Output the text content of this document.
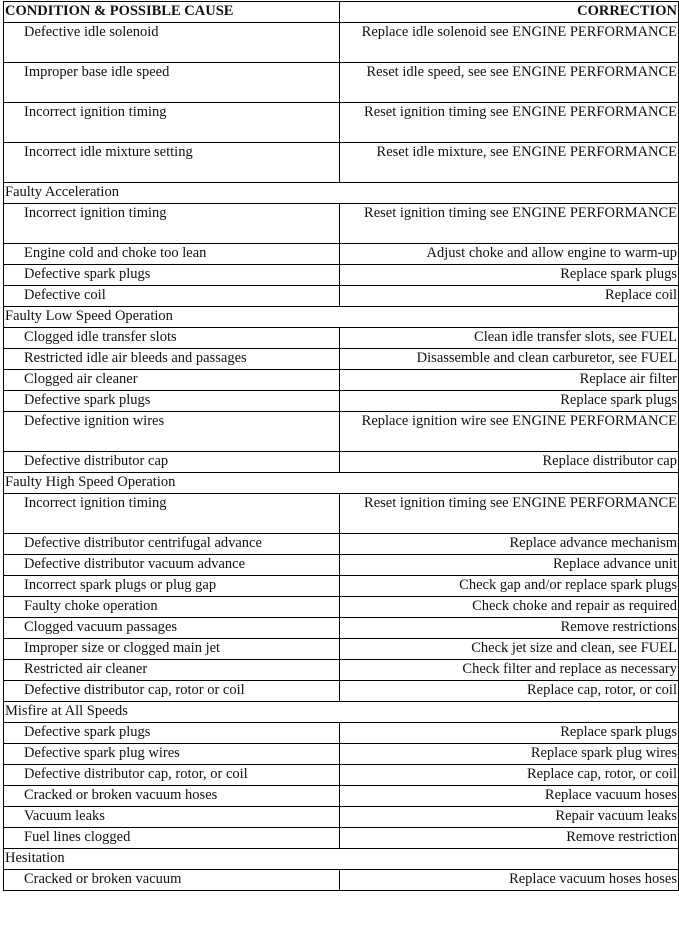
CONDITION & POSSIBLE CAUSE	CORRECTION
Defective idle solenoid	Replace idle solenoid see ENGINE PERFORMANCE
Improper base idle speed	Reset idle speed, see see ENGINE PERFORMANCE
Incorrect ignition timing	Reset ignition timing see ENGINE PERFORMANCE
Incorrect idle mixture setting	Reset idle mixture, see ENGINE PERFORMANCE
Faulty Acceleration	
Incorrect ignition timing	Reset ignition timing see ENGINE PERFORMANCE
Engine cold and choke too lean	Adjust choke and allow engine to warm-up
Defective spark plugs	Replace spark plugs
Defective coil	Replace coil
Faulty Low Speed Operation	
Clogged idle transfer slots	Clean idle transfer slots, see FUEL
Restricted idle air bleeds and passages	Disassemble and clean carburetor, see FUEL
Clogged air cleaner	Replace air filter
Defective spark plugs	Replace spark plugs
Defective ignition wires	Replace ignition wire see ENGINE PERFORMANCE
Defective distributor cap	Replace distributor cap
Faulty High Speed Operation	
Incorrect ignition timing	Reset ignition timing see ENGINE PERFORMANCE
Defective distributor centrifugal advance	Replace advance mechanism
Defective distributor vacuum advance	Replace advance unit
Incorrect spark plugs or plug gap	Check gap and/or replace spark plugs
Faulty choke operation	Check choke and repair as required
Clogged vacuum passages	Remove restrictions
Improper size or clogged main jet	Check jet size and clean, see FUEL
Restricted air cleaner	Check filter and replace as necessary
Defective distributor cap, rotor or coil	Replace cap, rotor, or coil
Misfire at All Speeds	
Defective spark plugs	Replace spark plugs
Defective spark plug wires	Replace spark plug wires
Defective distributor cap, rotor, or coil	Replace cap, rotor, or coil
Cracked or broken vacuum hoses	Replace vacuum hoses
Vacuum leaks	Repair vacuum leaks
Fuel lines clogged	Remove restriction
Hesitation	
Cracked or broken vacuum	Replace vacuum hoses hoses
